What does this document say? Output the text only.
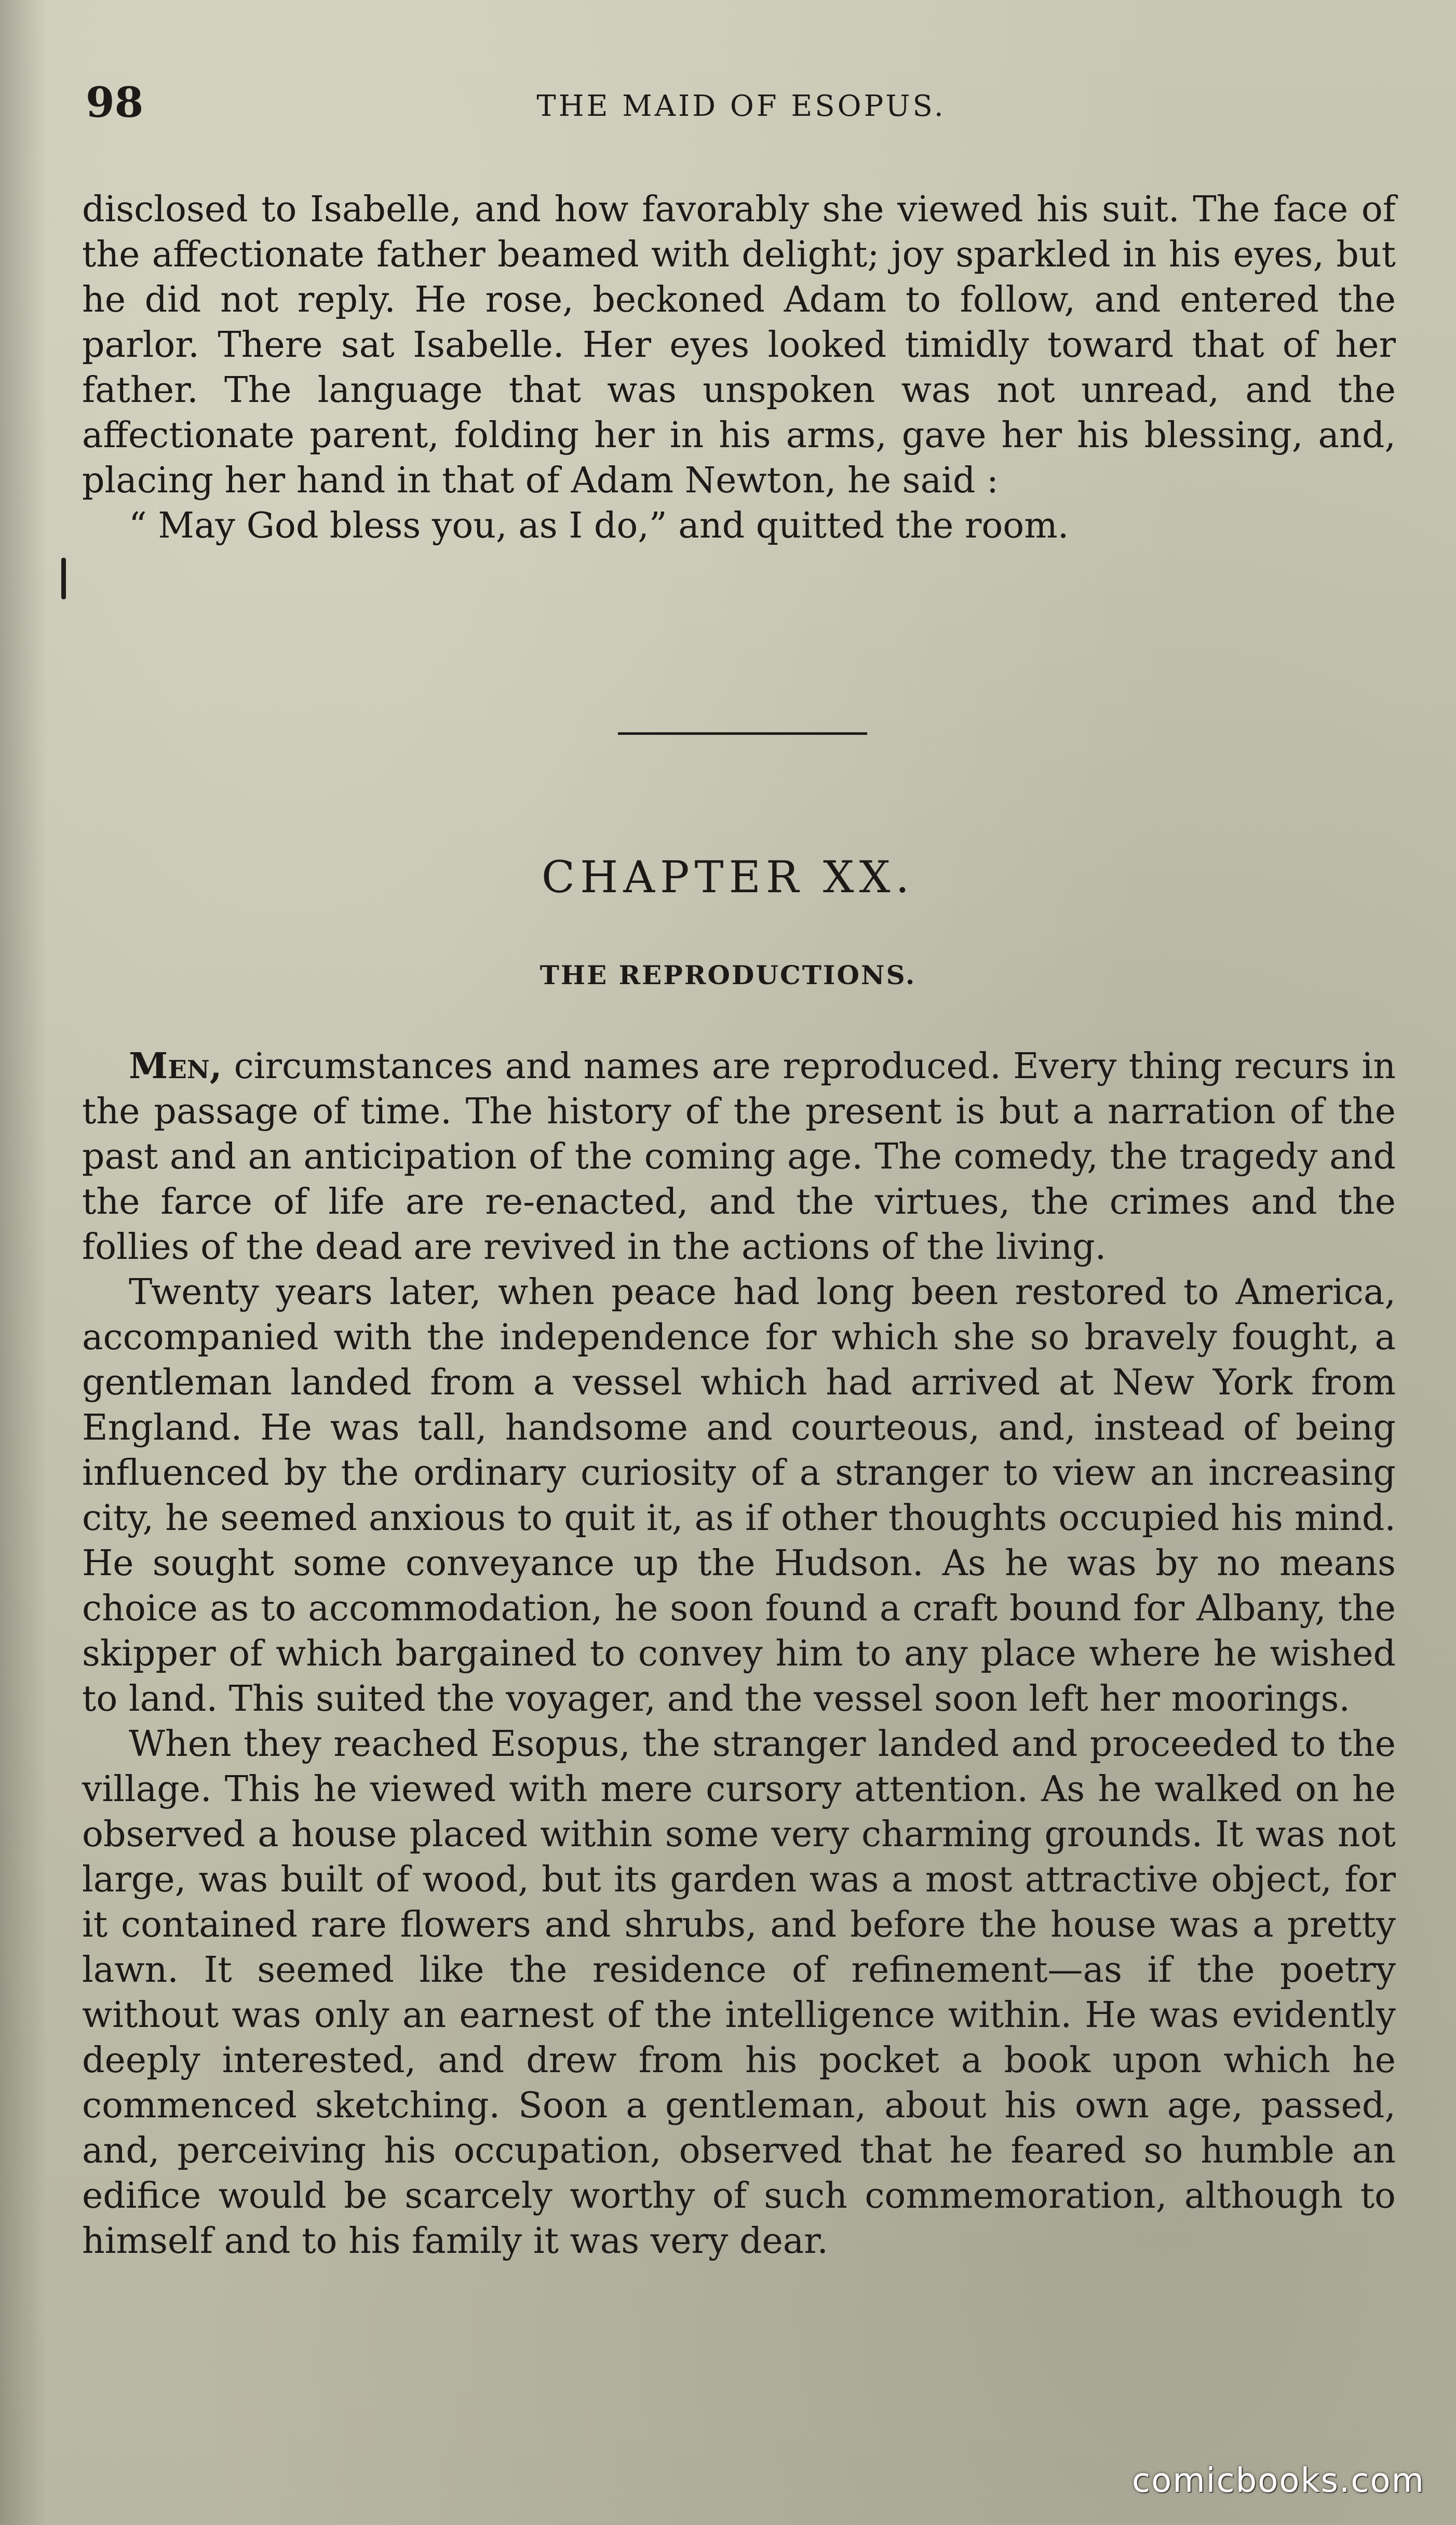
98	THE MAID OF ESOPUS.

disclosed to Isabelle, and how favorably she viewed his suit. The face of the affectionate father beamed with delight; joy sparkled in his eyes, but he did not reply. He rose, beckoned Adam to follow, and entered the parlor. There sat Isabelle. Her eyes looked timidly toward that of her father. The language that was unspoken was not unread, and the affectionate parent, folding her in his arms, gave her his blessing, and, placing her hand in that of Adam Newton, he said :

“ May God bless you, as I do,” and quitted the room.

CHAPTER XX.
THE REPRODUCTIONS.

Men, circumstances and names are reproduced. Every thing recurs in the passage of time. The history of the present is but a narration of the past and an anticipation of the coming age. The comedy, the tragedy and the farce of life are re-enacted, and the virtues, the crimes and the follies of the dead are revived in the actions of the living.

Twenty years later, when peace had long been restored to America, accompanied with the independence for which she so bravely fought, a gentleman landed from a vessel which had arrived at New York from England. He was tall, handsome and courteous, and, instead of being influenced by the ordinary curiosity of a stranger to view an increasing city, he seemed anxious to quit it, as if other thoughts occupied his mind. He sought some conveyance up the Hudson. As he was by no means choice as to accommodation, he soon found a craft bound for Albany, the skipper of which bargained to convey him to any place where he wished to land. This suited the voyager, and the vessel soon left her moorings.

When they reached Esopus, the stranger landed and proceeded to the village. This he viewed with mere cursory attention. As he walked on he observed a house placed within some very charming grounds. It was not large, was built of wood, but its garden was a most attractive object, for it contained rare flowers and shrubs, and before the house was a pretty lawn. It seemed like the residence of refinement—as if the poetry without was only an earnest of the intelligence within. He was evidently deeply interested, and drew from his pocket a book upon which he commenced sketching. Soon a gentleman, about his own age, passed, and, perceiving his occupation, observed that he feared so humble an edifice would be scarcely worthy of such commemoration, although to himself and to his family it was very dear.

comicbooks.com
